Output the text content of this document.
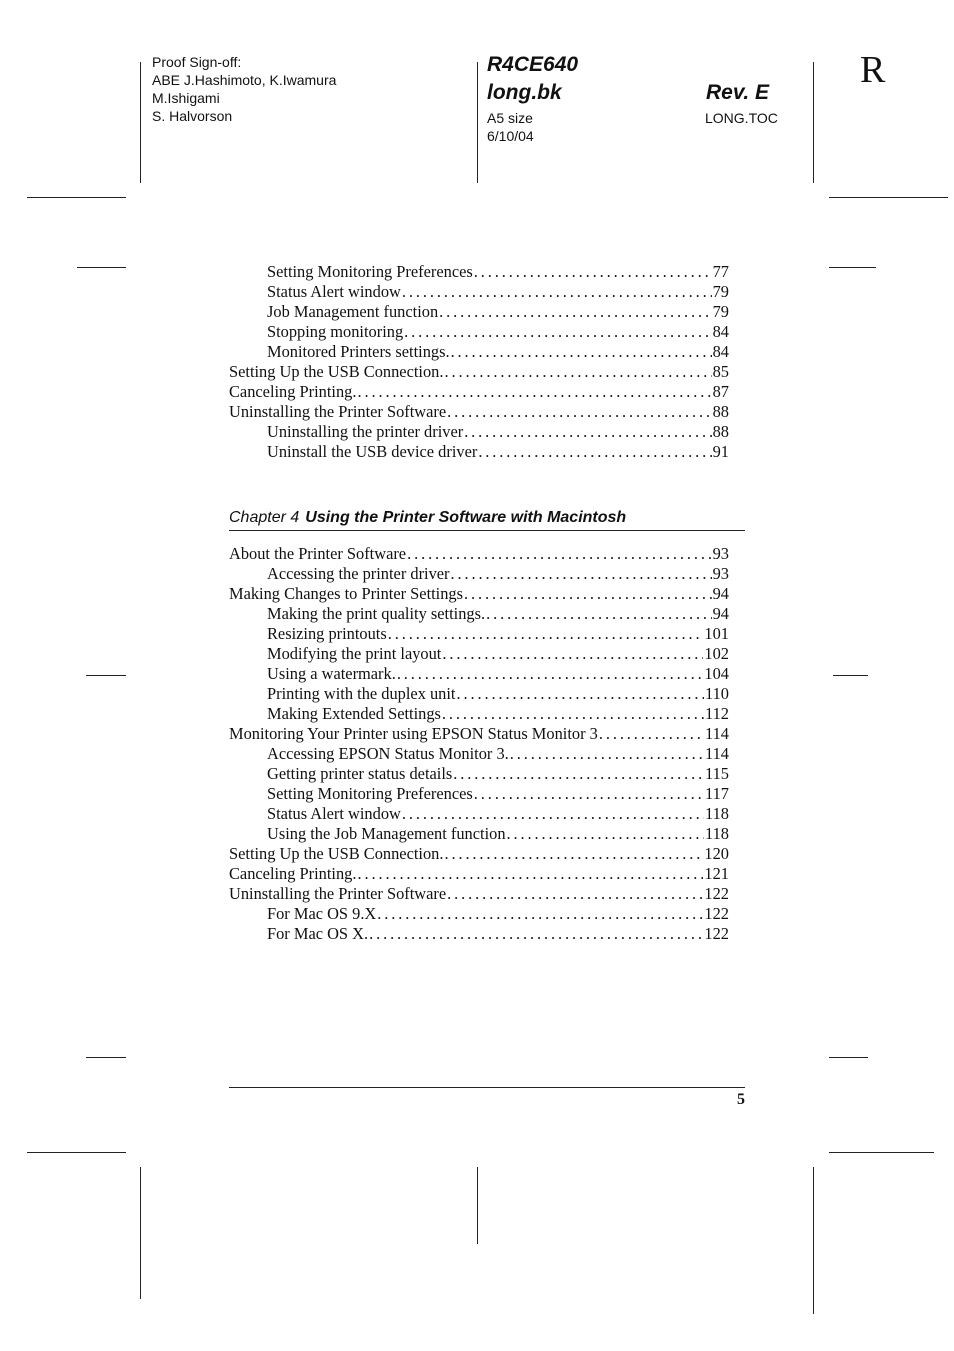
Proof Sign-off:
ABE J.Hashimoto, K.Iwamura
M.Ishigami
S. Halvorson
R4CE640
long.bk	Rev. E
A5 size
6/10/04
LONG.TOC
R
Setting Monitoring Preferences . . .	77
Status Alert window . . .	79
Job Management function . . .	79
Stopping monitoring . . .	84
Monitored Printers settings. . . .	84
Setting Up the USB Connection. . . .	85
Canceling Printing. . . .	87
Uninstalling the Printer Software . . .	88
Uninstalling the printer driver . . .	88
Uninstall the USB device driver . . .	91
Chapter 4 Using the Printer Software with Macintosh
About the Printer Software . . .	93
Accessing the printer driver . . .	93
Making Changes to Printer Settings . . .	94
Making the print quality settings. . . .	94
Resizing printouts . . .	101
Modifying the print layout . . .	102
Using a watermark. . . .	104
Printing with the duplex unit . . .	110
Making Extended Settings . . .	112
Monitoring Your Printer using EPSON Status Monitor 3 . . .	114
Accessing EPSON Status Monitor 3. . . .	114
Getting printer status details . . .	115
Setting Monitoring Preferences . . .	117
Status Alert window . . .	118
Using the Job Management function . . .	118
Setting Up the USB Connection. . . .	120
Canceling Printing. . . .	121
Uninstalling the Printer Software . . .	122
For Mac OS 9.X . . .	122
For Mac OS X. . . .	122
5
